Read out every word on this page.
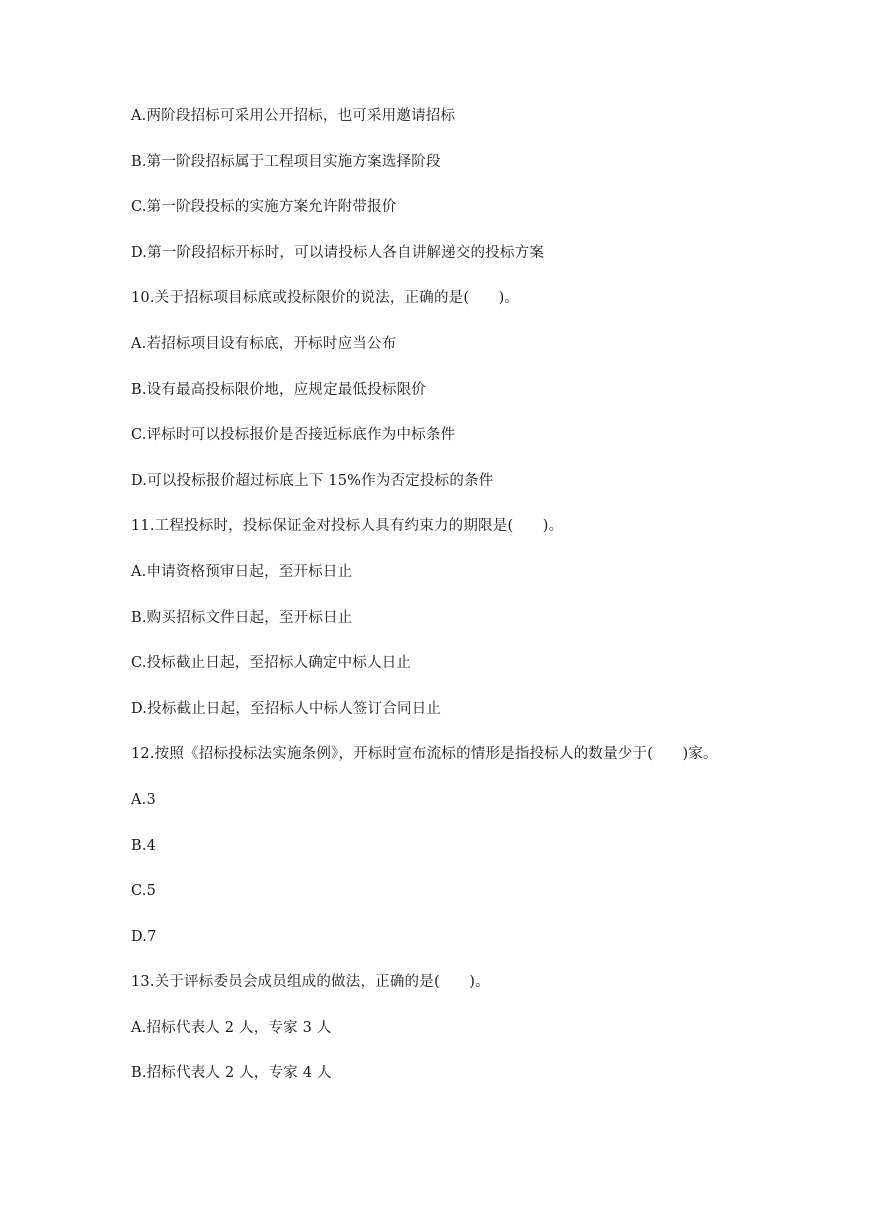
A.两阶段招标可采用公开招标，也可采用邀请招标
B.第一阶段招标属于工程项目实施方案选择阶段
C.第一阶段投标的实施方案允许附带报价
D.第一阶段招标开标时，可以请投标人各自讲解递交的投标方案
10.关于招标项目标底或投标限价的说法，正确的是(　　)。
A.若招标项目设有标底，开标时应当公布
B.设有最高投标限价地，应规定最低投标限价
C.评标时可以投标报价是否接近标底作为中标条件
D.可以投标报价超过标底上下 15%作为否定投标的条件
11.工程投标时，投标保证金对投标人具有约束力的期限是(　　)。
A.申请资格预审日起，至开标日止
B.购买招标文件日起，至开标日止
C.投标截止日起，至招标人确定中标人日止
D.投标截止日起，至招标人中标人签订合同日止
12.按照《招标投标法实施条例》，开标时宣布流标的情形是指投标人的数量少于(　　)家。
A.3
B.4
C.5
D.7
13.关于评标委员会成员组成的做法，正确的是(　　)。
A.招标代表人 2 人，专家 3 人
B.招标代表人 2 人，专家 4 人
